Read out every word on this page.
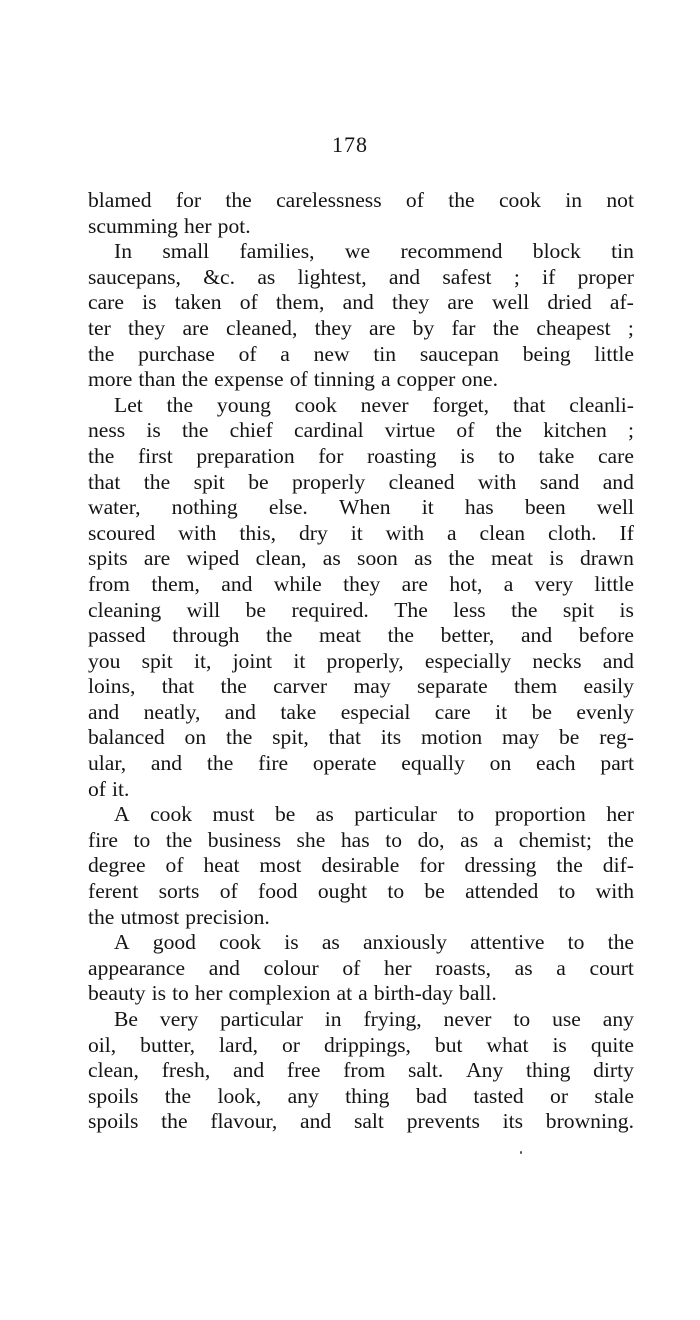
178
blamed for the carelessness of the cook in not
scumming her pot.
In small families, we recommend block tin
saucepans, &c. as lightest, and safest ; if proper
care is taken of them, and they are well dried af-
ter they are cleaned, they are by far the cheapest ;
the purchase of a new tin saucepan being little
more than the expense of tinning a copper one.
Let the young cook never forget, that cleanli-
ness is the chief cardinal virtue of the kitchen ;
the first preparation for roasting is to take care
that the spit be properly cleaned with sand and
water, nothing else. When it has been well
scoured with this, dry it with a clean cloth. If
spits are wiped clean, as soon as the meat is drawn
from them, and while they are hot, a very little
cleaning will be required. The less the spit is
passed through the meat the better, and before
you spit it, joint it properly, especially necks and
loins, that the carver may separate them easily
and neatly, and take especial care it be evenly
balanced on the spit, that its motion may be reg-
ular, and the fire operate equally on each part
of it.
A cook must be as particular to proportion her
fire to the business she has to do, as a chemist; the
degree of heat most desirable for dressing the dif-
ferent sorts of food ought to be attended to with
the utmost precision.
A good cook is as anxiously attentive to the
appearance and colour of her roasts, as a court
beauty is to her complexion at a birth-day ball.
Be very particular in frying, never to use any
oil, butter, lard, or drippings, but what is quite
clean, fresh, and free from salt. Any thing dirty
spoils the look, any thing bad tasted or stale
spoils the flavour, and salt prevents its browning.
